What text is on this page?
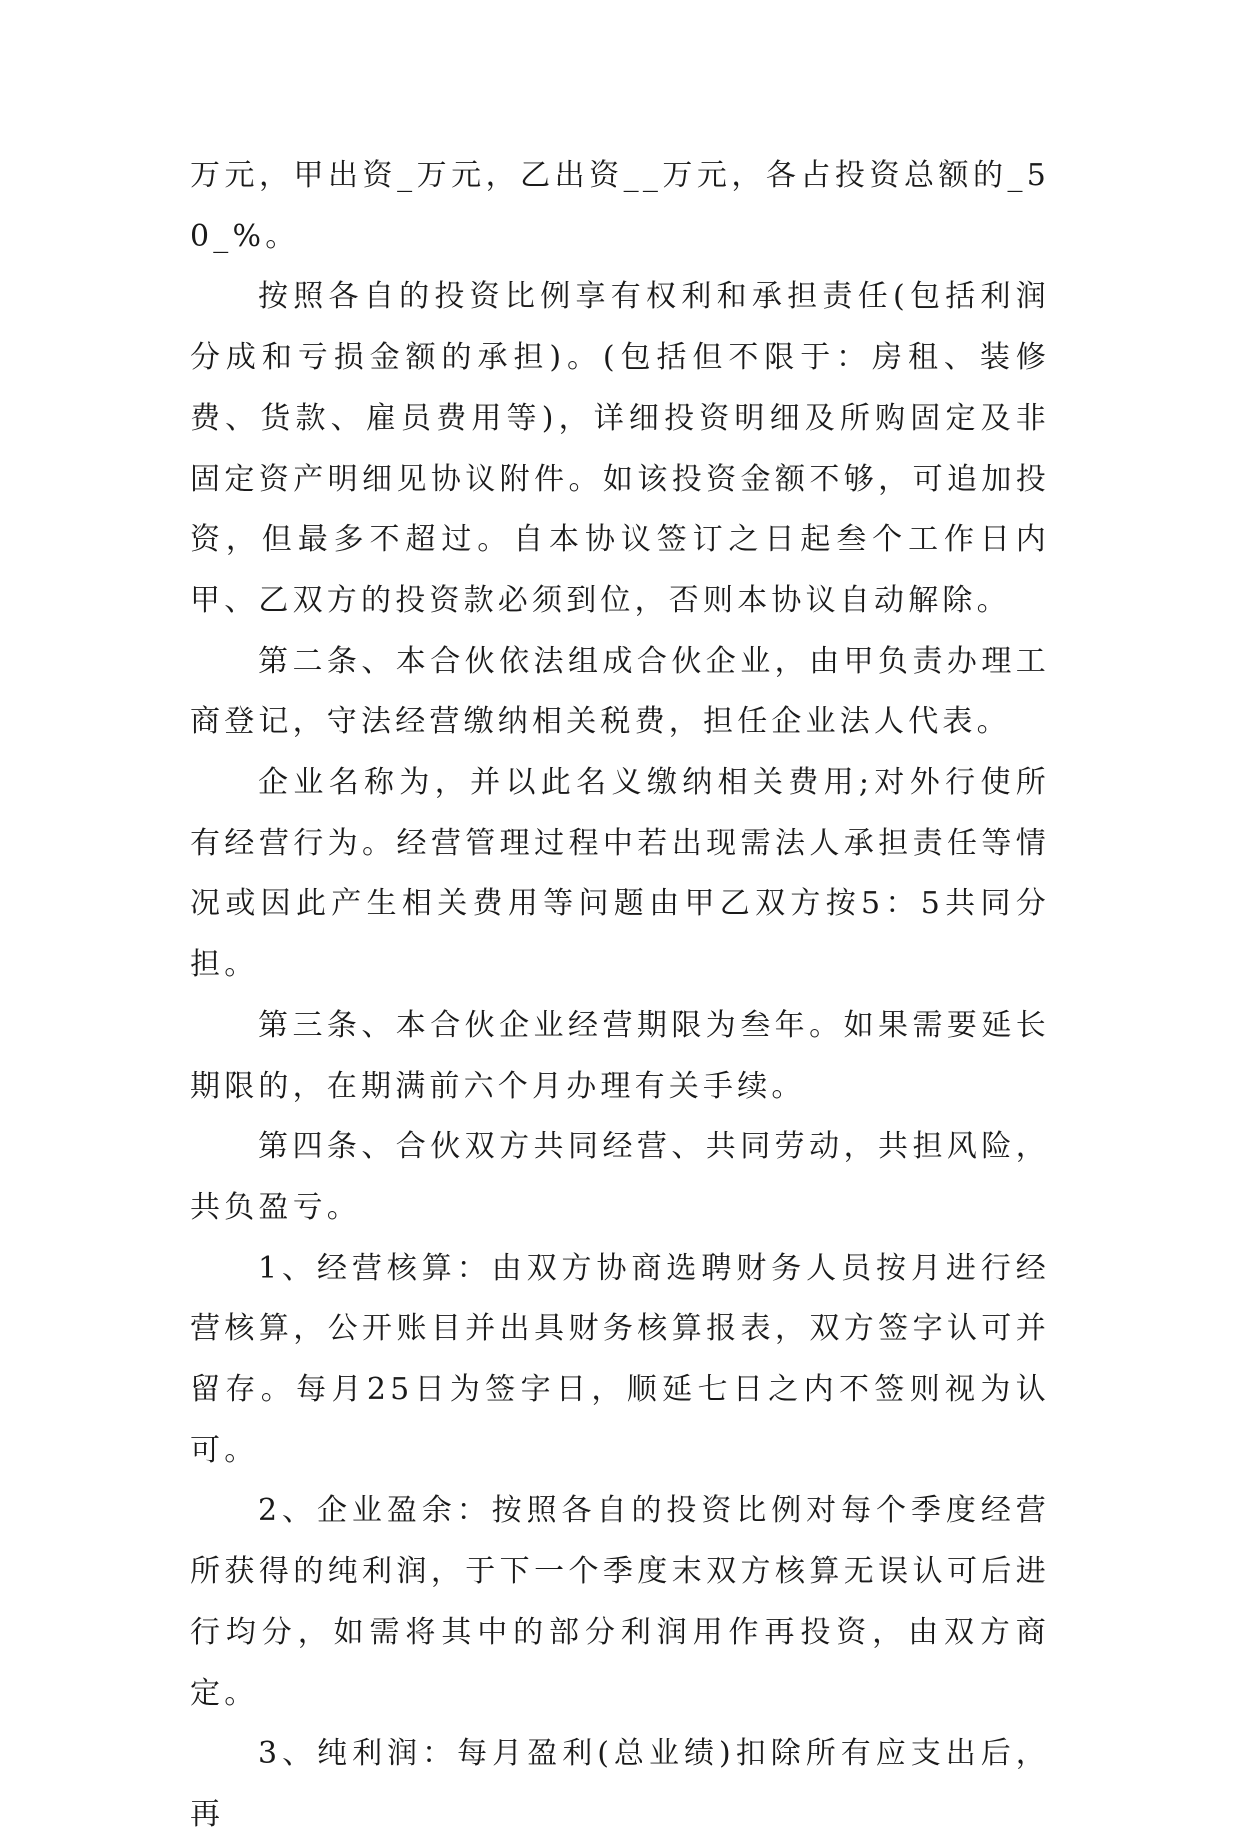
万元，甲出资_万元，乙出资__万元，各占投资总额的_50_%。

按照各自的投资比例享有权利和承担责任(包括利润分成和亏损金额的承担)。(包括但不限于：房租、装修费、货款、雇员费用等)，详细投资明细及所购固定及非固定资产明细见协议附件。如该投资金额不够，可追加投资，但最多不超过。自本协议签订之日起叁个工作日内甲、乙双方的投资款必须到位，否则本协议自动解除。

第二条、本合伙依法组成合伙企业，由甲负责办理工商登记，守法经营缴纳相关税费，担任企业法人代表。

企业名称为，并以此名义缴纳相关费用;对外行使所有经营行为。经营管理过程中若出现需法人承担责任等情况或因此产生相关费用等问题由甲乙双方按5：5共同分担。

第三条、本合伙企业经营期限为叁年。如果需要延长期限的，在期满前六个月办理有关手续。

第四条、合伙双方共同经营、共同劳动，共担风险，共负盈亏。

1、经营核算：由双方协商选聘财务人员按月进行经营核算，公开账目并出具财务核算报表，双方签字认可并留存。每月25日为签字日，顺延七日之内不签则视为认可。

2、企业盈余：按照各自的投资比例对每个季度经营所获得的纯利润，于下一个季度末双方核算无误认可后进行均分，如需将其中的部分利润用作再投资，由双方商定。

3、纯利润：每月盈利(总业绩)扣除所有应支出后，再
